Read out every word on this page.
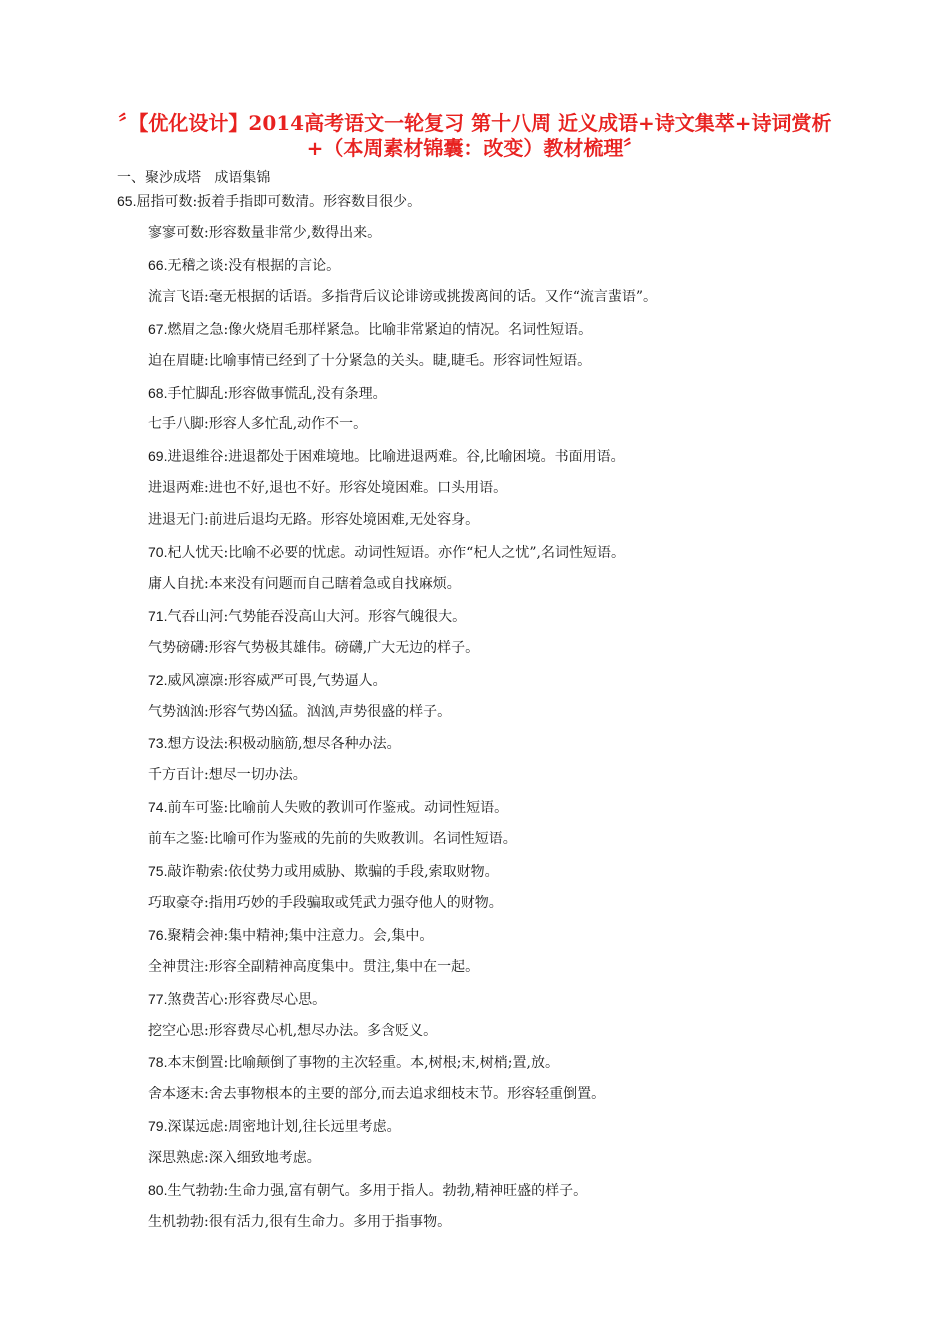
〞【优化设计】2014高考语文一轮复习 第十八周 近义成语+诗文集萃+诗词赏析+（本周素材锦囊：改变）教材梳理〞
一、聚沙成塔   成语集锦
65.屈指可数:扳着手指即可数清。形容数目很少。
寥寥可数:形容数量非常少,数得出来。
66.无稽之谈:没有根据的言论。
流言飞语:毫无根据的话语。多指背后议论诽谤或挑拨离间的话。又作“流言蜚语”。
67.燃眉之急:像火烧眉毛那样紧急。比喻非常紧迫的情况。名词性短语。
迫在眉睫:比喻事情已经到了十分紧急的关头。睫,睫毛。形容词性短语。
68.手忙脚乱:形容做事慌乱,没有条理。
七手八脚:形容人多忙乱,动作不一。
69.进退维谷:进退都处于困难境地。比喻进退两难。谷,比喻困境。书面用语。
进退两难:进也不好,退也不好。形容处境困难。口头用语。
进退无门:前进后退均无路。形容处境困难,无处容身。
70.杞人忧天:比喻不必要的忧虑。动词性短语。亦作“杞人之忧”,名词性短语。
庸人自扰:本来没有问题而自己瞎着急或自找麻烦。
71.气吞山河:气势能吞没高山大河。形容气魄很大。
气势磅礴:形容气势极其雄伟。磅礴,广大无边的样子。
72.威风凛凛:形容威严可畏,气势逼人。
气势汹汹:形容气势凶猛。汹汹,声势很盛的样子。
73.想方设法:积极动脑筋,想尽各种办法。
千方百计:想尽一切办法。
74.前车可鉴:比喻前人失败的教训可作鉴戒。动词性短语。
前车之鉴:比喻可作为鉴戒的先前的失败教训。名词性短语。
75.敲诈勒索:依仗势力或用威胁、欺骗的手段,索取财物。
巧取豪夺:指用巧妙的手段骗取或凭武力强夺他人的财物。
76.聚精会神:集中精神;集中注意力。会,集中。
全神贯注:形容全副精神高度集中。贯注,集中在一起。
77.煞费苦心:形容费尽心思。
挖空心思:形容费尽心机,想尽办法。多含贬义。
78.本末倒置:比喻颠倒了事物的主次轻重。本,树根;末,树梢;置,放。
舍本逐末:舍去事物根本的主要的部分,而去追求细枝末节。形容轻重倒置。
79.深谋远虑:周密地计划,往长远里考虑。
深思熟虑:深入细致地考虑。
80.生气勃勃:生命力强,富有朝气。多用于指人。勃勃,精神旺盛的样子。
生机勃勃:很有活力,很有生命力。多用于指事物。
